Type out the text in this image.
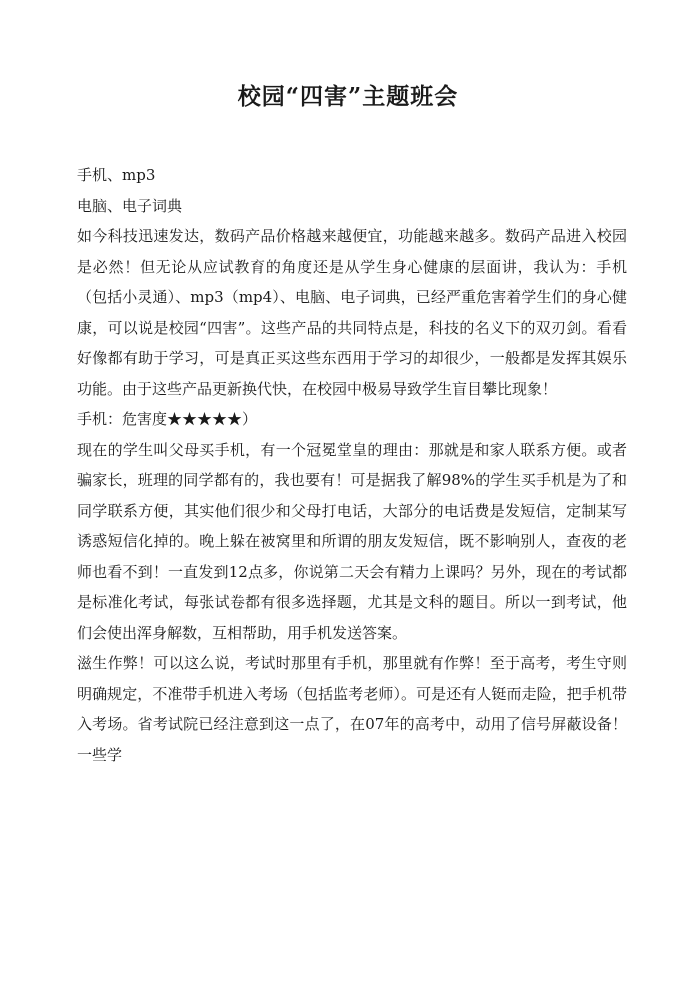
校园“四害”主题班会

手机、mp3

电脑、电子词典

如今科技迅速发达，数码产品价格越来越便宜，功能越来越多。数码产品进入校园是必然！但无论从应试教育的角度还是从学生身心健康的层面讲，我认为：手机（包括小灵通）、mp3（mp4）、电脑、电子词典，已经严重危害着学生们的身心健康，可以说是校园“四害”。这些产品的共同特点是，科技的名义下的双刃剑。看看好像都有助于学习，可是真正买这些东西用于学习的却很少，一般都是发挥其娱乐功能。由于这些产品更新换代快，在校园中极易导致学生盲目攀比现象！

手机：危害度★★★★★）

现在的学生叫父母买手机，有一个冠冕堂皇的理由：那就是和家人联系方便。或者骗家长，班理的同学都有的，我也要有！可是据我了解98%的学生买手机是为了和同学联系方便，其实他们很少和父母打电话，大部分的电话费是发短信，定制某写诱惑短信化掉的。晚上躲在被窝里和所谓的朋友发短信，既不影响别人，查夜的老师也看不到！一直发到12点多，你说第二天会有精力上课吗？另外，现在的考试都是标准化考试，每张试卷都有很多选择题，尤其是文科的题目。所以一到考试，他们会使出浑身解数，互相帮助，用手机发送答案。

滋生作弊！可以这么说，考试时那里有手机，那里就有作弊！至于高考，考生守则明确规定，不准带手机进入考场（包括监考老师）。可是还有人铤而走险，把手机带入考场。省考试院已经注意到这一点了，在07年的高考中，动用了信号屏蔽设备！一些学
